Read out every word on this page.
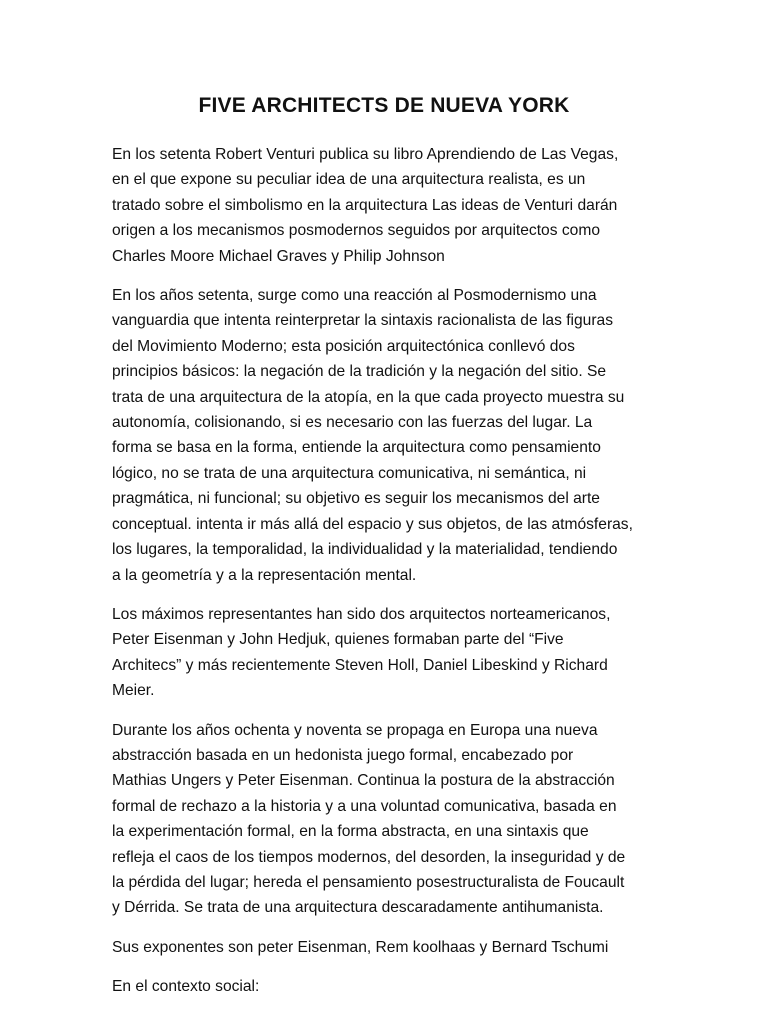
FIVE ARCHITECTS DE NUEVA YORK

En los setenta Robert Venturi publica su libro Aprendiendo de Las Vegas,
en el que expone su peculiar idea de una arquitectura realista, es un
tratado sobre el simbolismo en la arquitectura Las ideas de Venturi darán
origen a los mecanismos posmodernos seguidos por arquitectos como
Charles Moore Michael Graves y Philip Johnson

En los años setenta, surge como una reacción al Posmodernismo una
vanguardia que intenta reinterpretar la sintaxis racionalista de las figuras
del Movimiento Moderno; esta posición arquitectónica conllevó dos
principios básicos: la negación de la tradición y la negación del sitio. Se
trata de una arquitectura de la atopía, en la que cada proyecto muestra su
autonomía, colisionando, si es necesario con las fuerzas del lugar. La
forma se basa en la forma, entiende la arquitectura como pensamiento
lógico, no se trata de una arquitectura comunicativa, ni semántica, ni
pragmática, ni funcional; su objetivo es seguir los mecanismos del arte
conceptual. intenta ir más allá del espacio y sus objetos, de las atmósferas,
los lugares, la temporalidad, la individualidad y la materialidad, tendiendo
a la geometría y a la representación mental.

Los máximos representantes han sido dos arquitectos norteamericanos,
Peter Eisenman y John Hedjuk, quienes formaban parte del “Five
Architecs” y más recientemente Steven Holl, Daniel Libeskind y Richard
Meier.

Durante los años ochenta y noventa se propaga en Europa una nueva
abstracción basada en un hedonista juego formal, encabezado por
Mathias Ungers y Peter Eisenman. Continua la postura de la abstracción
formal de rechazo a la historia y a una voluntad comunicativa, basada en
la experimentación formal, en la forma abstracta, en una sintaxis que
refleja el caos de los tiempos modernos, del desorden, la inseguridad y de
la pérdida del lugar; hereda el pensamiento posestructuralista de Foucault
y Dérrida. Se trata de una arquitectura descaradamente antihumanista.

Sus exponentes son peter Eisenman, Rem koolhaas y Bernard Tschumi

En el contexto social:
